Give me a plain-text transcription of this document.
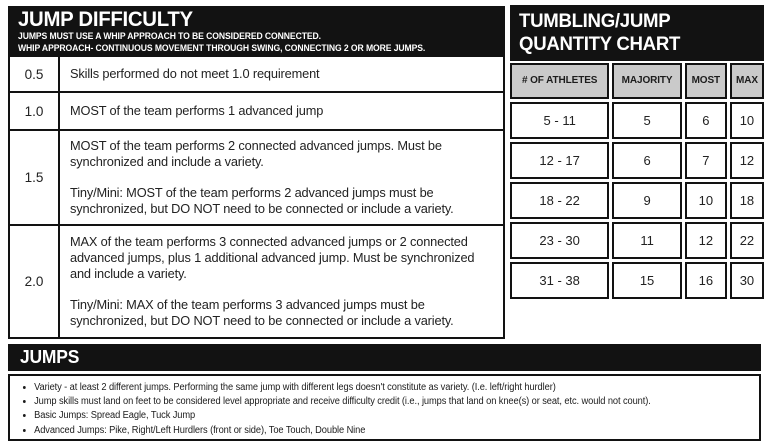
JUMP DIFFICULTY
JUMPS MUST USE A WHIP APPROACH TO BE CONSIDERED CONNECTED.
WHIP APPROACH- CONTINUOUS MOVEMENT THROUGH SWING, CONNECTING 2 OR MORE JUMPS.
0.5	Skills performed do not meet 1.0 requirement

1.0	MOST of the team performs 1 advanced jump

1.5	MOST of the team performs 2 connected advanced jumps. Must be synchronized and include a variety.

Tiny/Mini: MOST of the team performs 2 advanced jumps must be synchronized, but DO NOT need to be connected or include a variety.

2.0	MAX of the team performs 3 connected advanced jumps or 2 connected advanced jumps, plus 1 additional advanced jump. Must be synchronized and include a variety.

Tiny/Mini: MAX of the team performs 3 advanced jumps must be synchronized, but DO NOT need to be connected or include a variety.

TUMBLING/JUMP
QUANTITY CHART
# OF ATHLETES	MAJORITY	MOST	MAX
5 - 11	5	6	10
12 - 17	6	7	12
18 - 22	9	10	18
23 - 30	11	12	22
31 - 38	15	16	30
JUMPS
• Variety - at least 2 different jumps. Performing the same jump with different legs doesn't constitute as variety. (I.e. left/right hurdler)
• Jump skills must land on feet to be considered level appropriate and receive difficulty credit (i.e., jumps that land on knee(s) or seat, etc. would not count).
• Basic Jumps: Spread Eagle, Tuck Jump
• Advanced Jumps: Pike, Right/Left Hurdlers (front or side), Toe Touch, Double Nine
